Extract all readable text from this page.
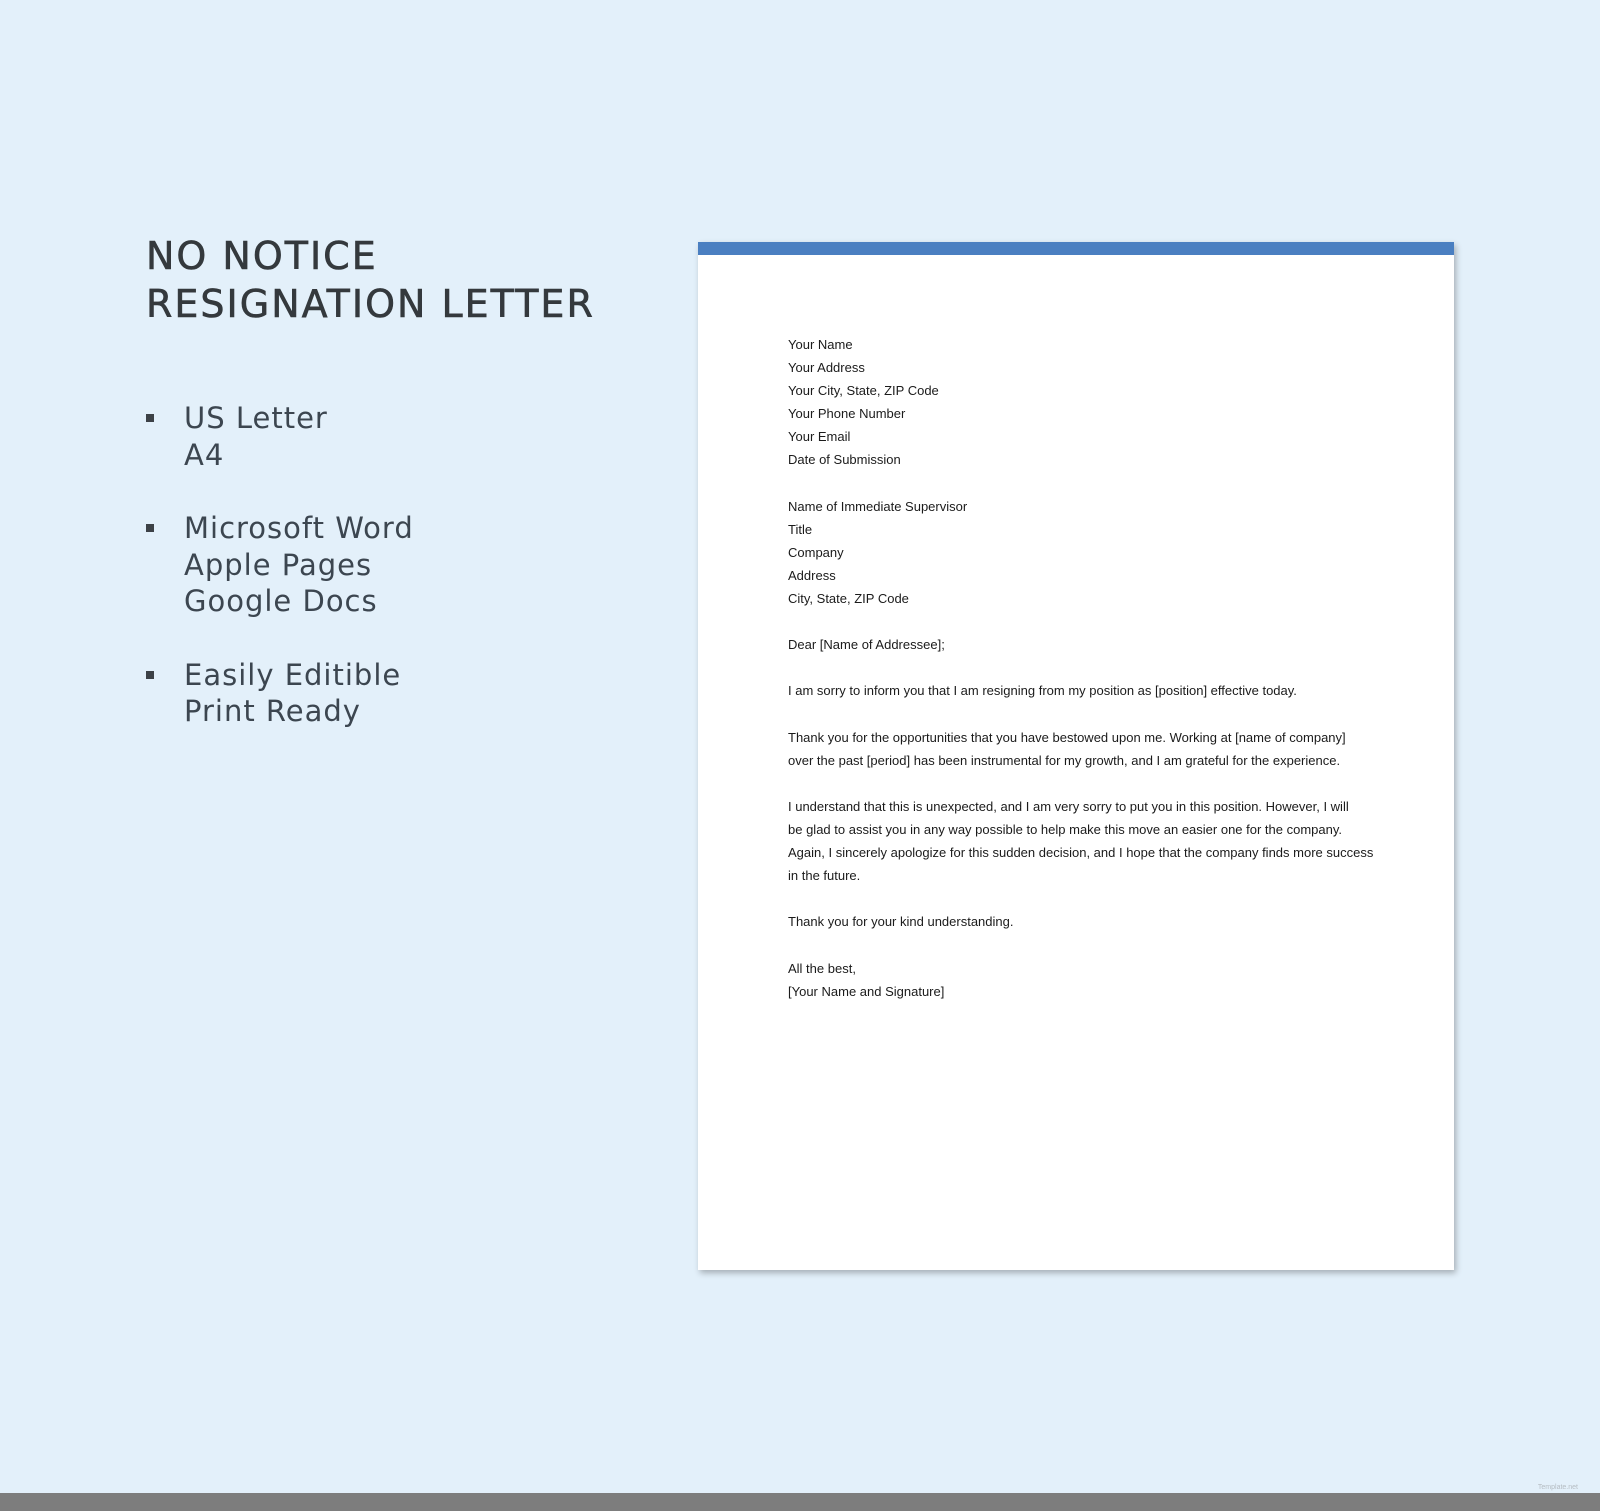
NO NOTICE
RESIGNATION LETTER
US Letter
A4
Microsoft Word
Apple Pages
Google Docs
Easily Editible
Print Ready
Your Name
Your Address
Your City, State, ZIP Code
Your Phone Number
Your Email
Date of Submission
Name of Immediate Supervisor
Title
Company
Address
City, State, ZIP Code
Dear [Name of Addressee];
I am sorry to inform you that I am resigning from my position as [position] effective today.
Thank you for the opportunities that you have bestowed upon me. Working at [name of company]
over the past [period] has been instrumental for my growth, and I am grateful for the experience.
I understand that this is unexpected, and I am very sorry to put you in this position. However, I will
be glad to assist you in any way possible to help make this move an easier one for the company.
Again, I sincerely apologize for this sudden decision, and I hope that the company finds more success
in the future.
Thank you for your kind understanding.
All the best,
[Your Name and Signature]
Template.net
